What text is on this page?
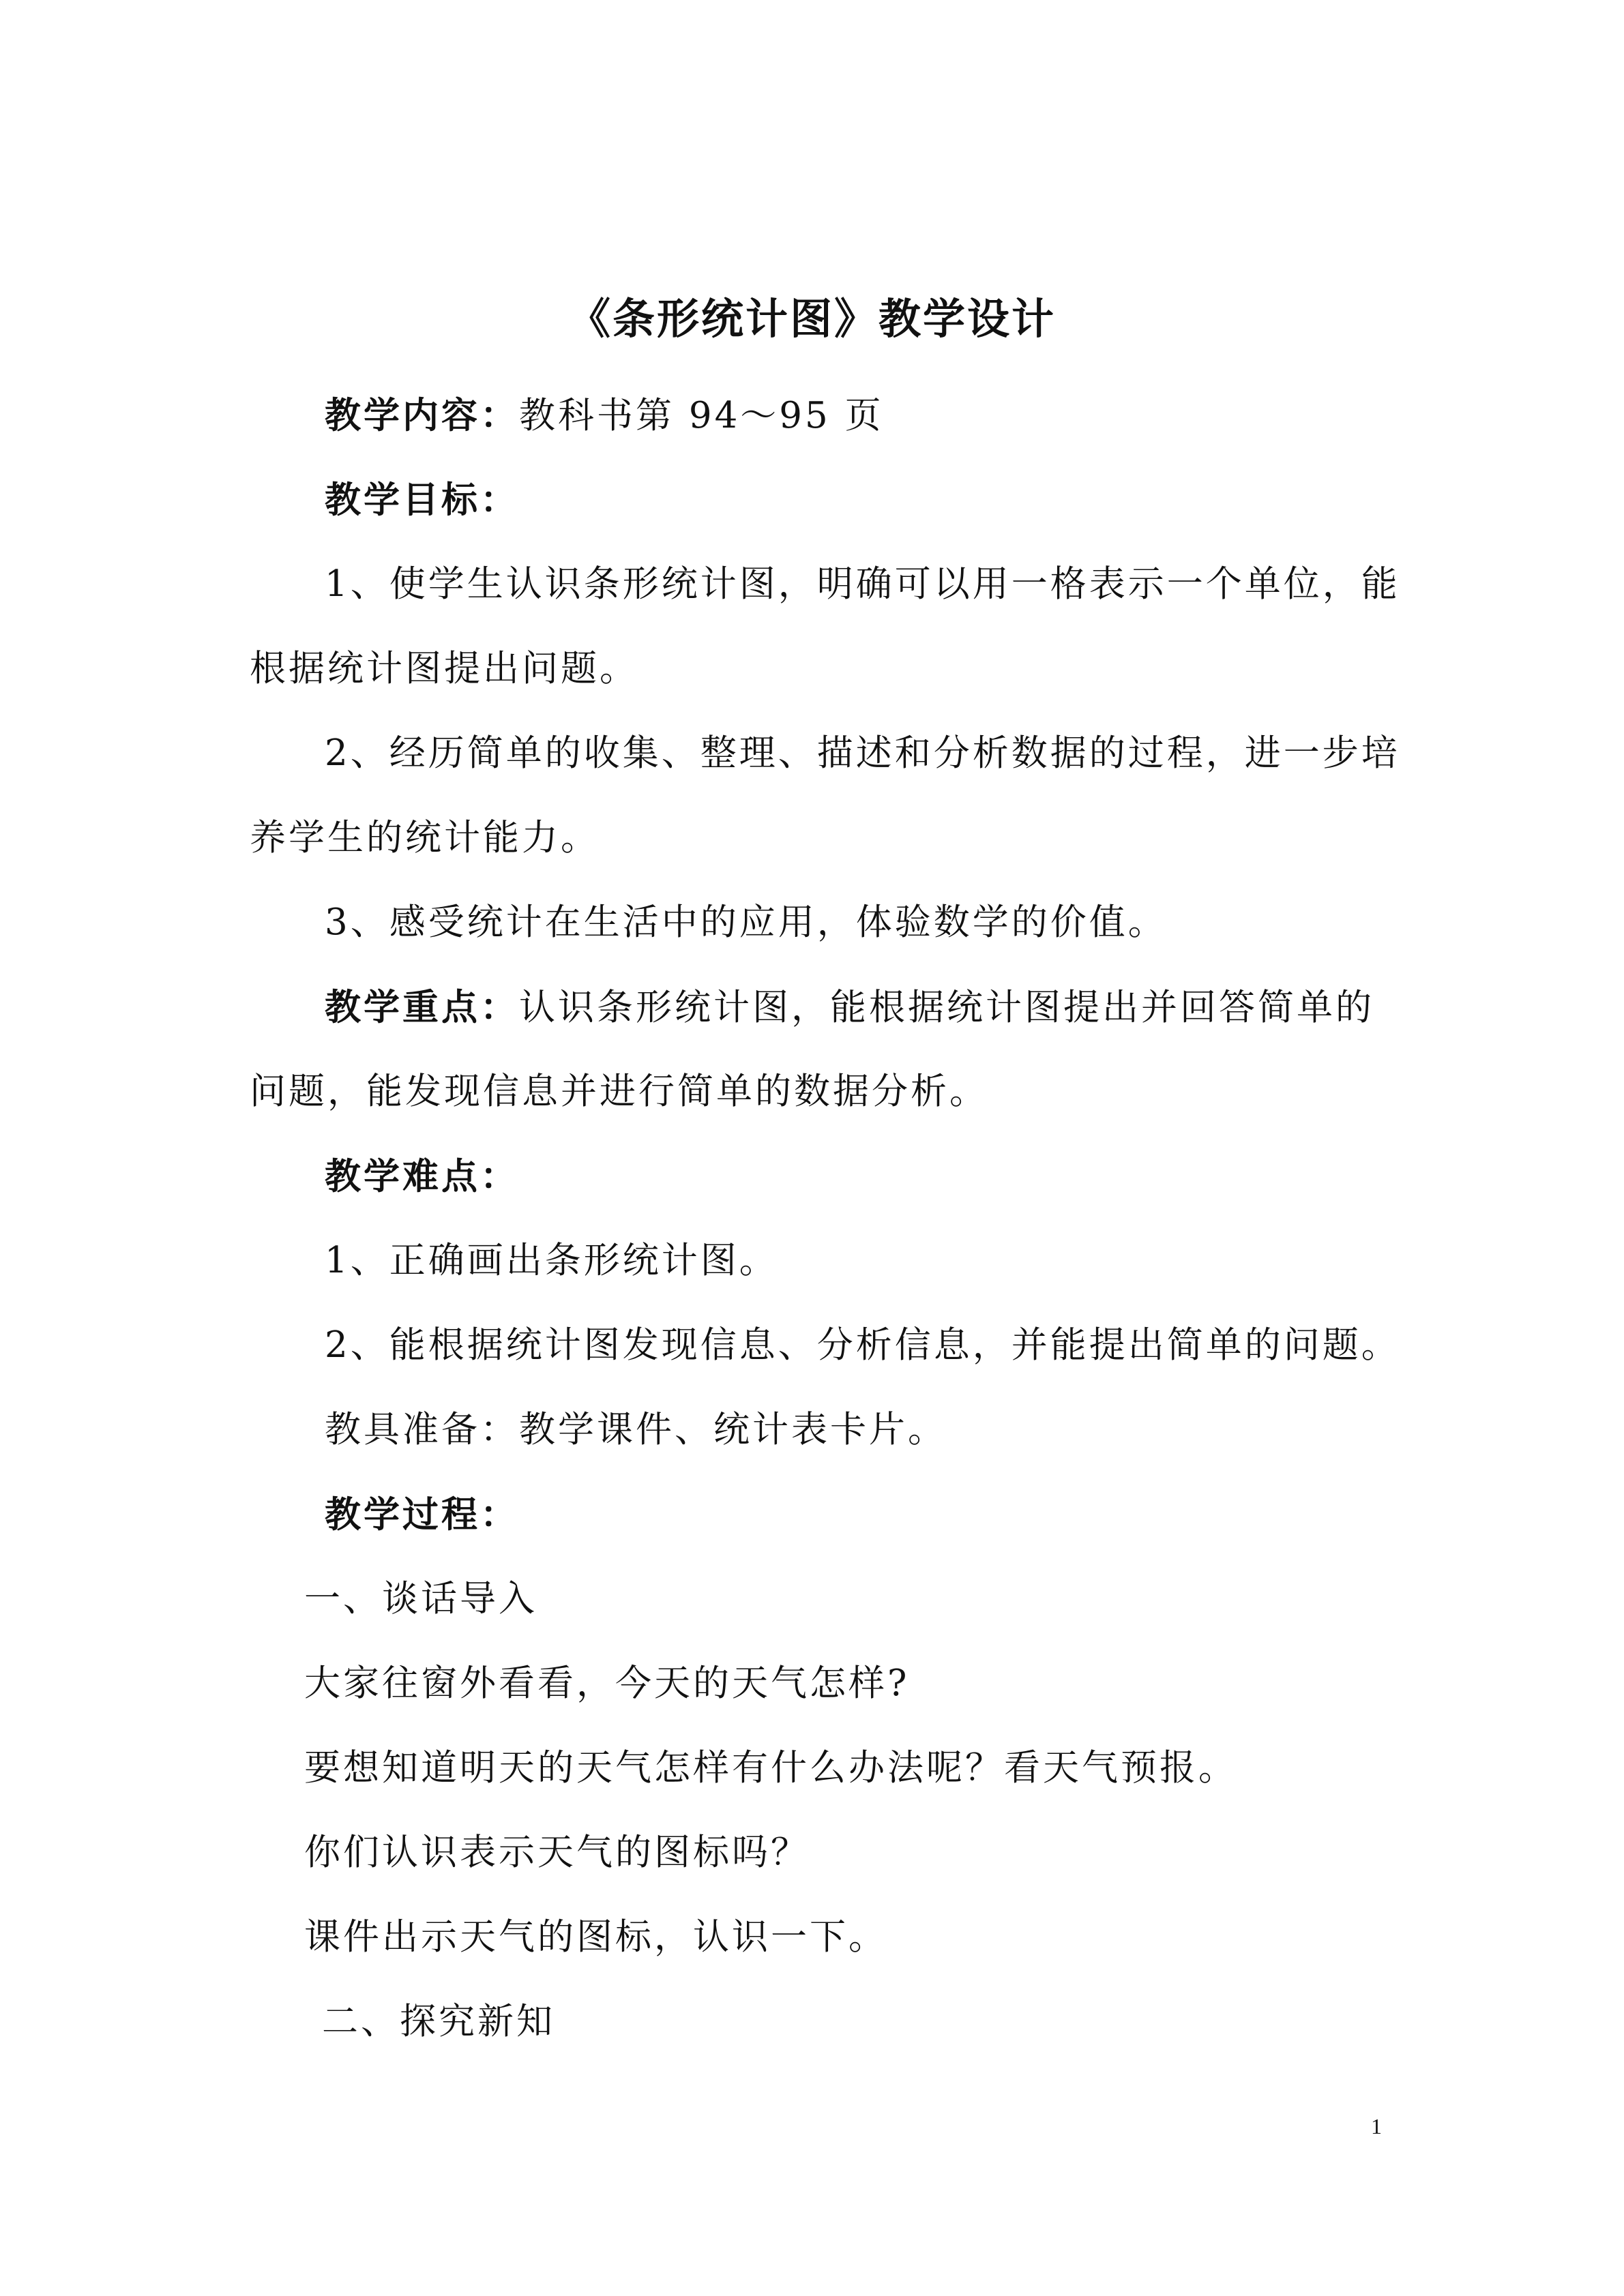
《条形统计图》教学设计
教学内容：教科书第 94～95 页
教学目标：
1、使学生认识条形统计图，明确可以用一格表示一个单位，能
根据统计图提出问题。
2、经历简单的收集、整理、描述和分析数据的过程，进一步培
养学生的统计能力。
3、感受统计在生活中的应用，体验数学的价值。
教学重点：认识条形统计图，能根据统计图提出并回答简单的
问题，能发现信息并进行简单的数据分析。
教学难点：
1、正确画出条形统计图。
2、能根据统计图发现信息、分析信息，并能提出简单的问题。
教具准备：教学课件、统计表卡片。
教学过程：
一、谈话导入
大家往窗外看看，今天的天气怎样?
要想知道明天的天气怎样有什么办法呢？看天气预报。
你们认识表示天气的图标吗？
课件出示天气的图标，认识一下。
二、探究新知
1
